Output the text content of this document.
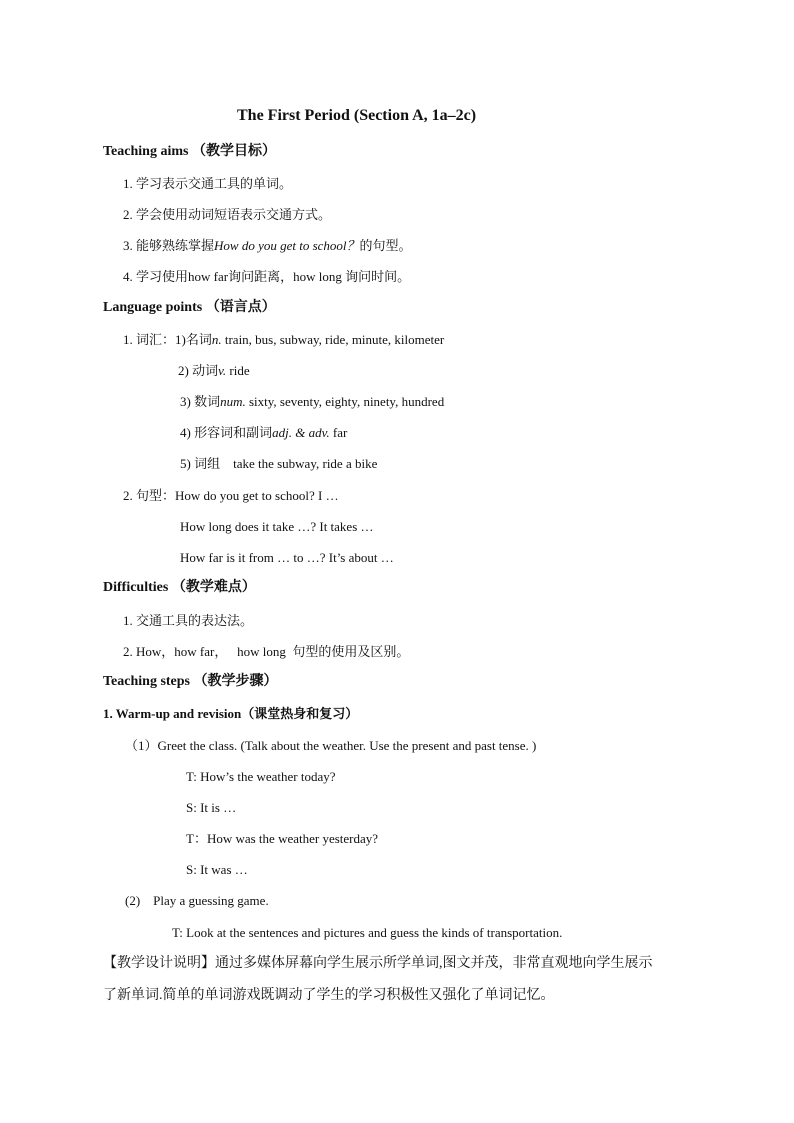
The First Period (Section A, 1a–2c)
Teaching aims （教学目标）
1. 学习表示交通工具的单词。
2. 学会使用动词短语表示交通方式。
3. 能够熟练掌握How do you get to school？的句型。
4. 学习使用how far询问距离，how long 询问时间。
Language points （语言点）
1. 词汇：1)名词n. train, bus, subway, ride, minute, kilometer
2) 动词v. ride
3) 数词num. sixty, seventy, eighty, ninety, hundred
4) 形容词和副词adj. & adv. far
5) 词组    take the subway, ride a bike
2. 句型：How do you get to school? I …
How long does it take …? It takes …
How far is it from … to …? It’s about …
Difficulties （教学难点）
1. 交通工具的表达法。
2. How，how far，   how long  句型的使用及区别。
Teaching steps （教学步骤）
1. Warm-up and revision（课堂热身和复习）
（1）Greet the class. (Talk about the weather. Use the present and past tense. )
T: How’s the weather today?
S: It is …
T：How was the weather yesterday?
S: It was …
(2)    Play a guessing game.
T: Look at the sentences and pictures and guess the kinds of transportation.
【教学设计说明】通过多媒体屏幕向学生展示所学单词,图文并茂，非常直观地向学生展示
了新单词.简单的单词游戏既调动了学生的学习积极性又强化了单词记忆。
